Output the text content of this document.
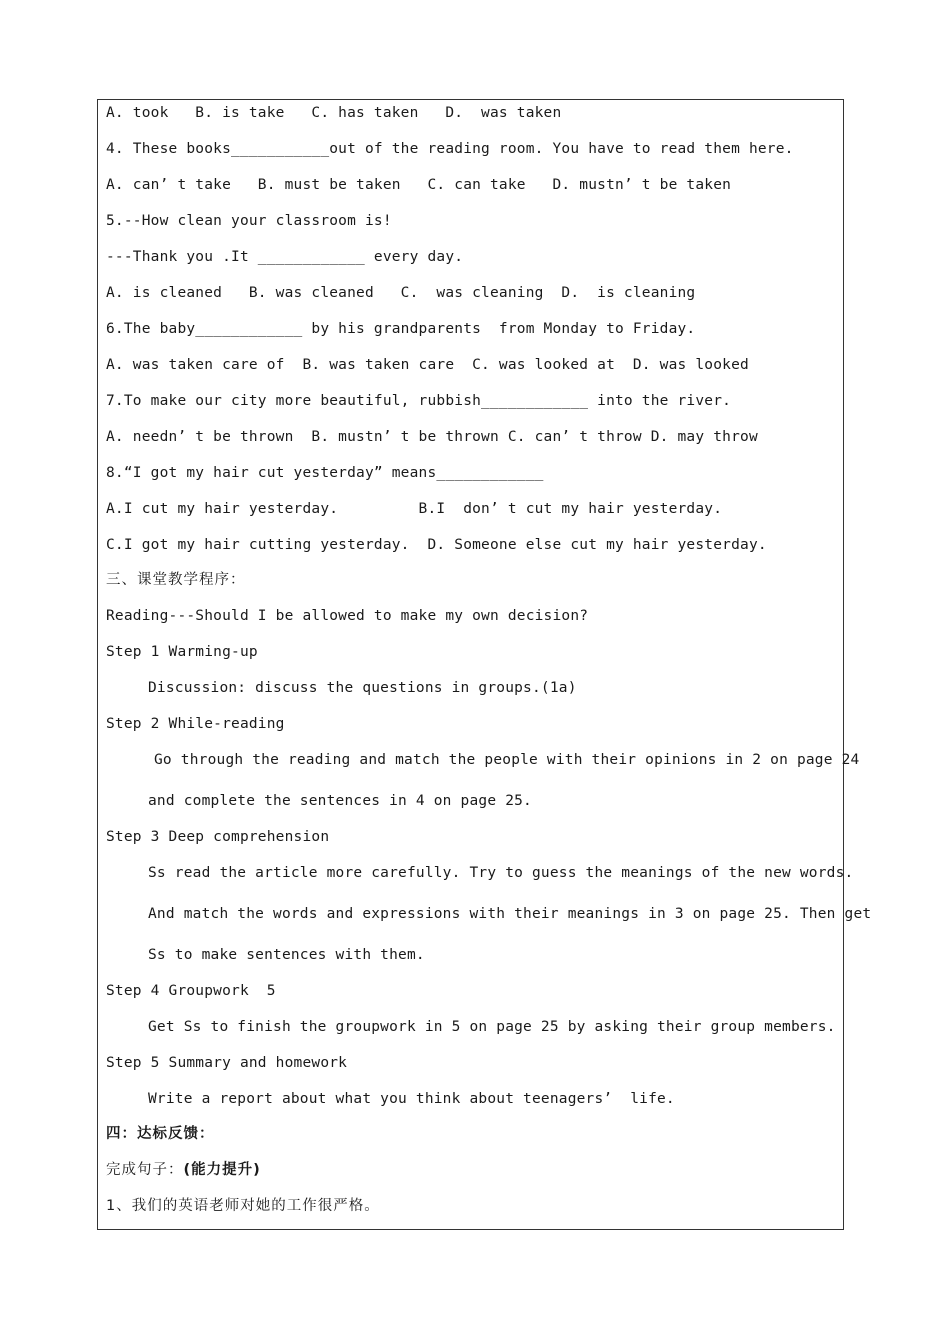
A. took   B. is take   C. has taken   D.  was taken
4. These books___________out of the reading room. You have to read them here.
A. can’ t take   B. must be taken   C. can take   D. mustn’ t be taken
5.--How clean your classroom is!
---Thank you .It ____________ every day.
A. is cleaned   B. was cleaned   C.  was cleaning  D.  is cleaning
6.The baby____________ by his grandparents  from Monday to Friday.
A. was taken care of  B. was taken care  C. was looked at  D. was looked
7.To make our city more beautiful, rubbish____________ into the river.
A. needn’ t be thrown  B. mustn’ t be thrown C. can’ t throw D. may throw
8.“I got my hair cut yesterday” means____________
A.I cut my hair yesterday.         B.I  don’ t cut my hair yesterday.
C.I got my hair cutting yesterday.  D. Someone else cut my hair yesterday.
三、课堂教学程序：
Reading---Should I be allowed to make my own decision?
Step 1 Warming-up
Discussion: discuss the questions in groups.(1a)
Step 2 While-reading
Go through the reading and match the people with their opinions in 2 on page 24
and complete the sentences in 4 on page 25.
Step 3 Deep comprehension
Ss read the article more carefully. Try to guess the meanings of the new words.
And match the words and expressions with their meanings in 3 on page 25. Then get
Ss to make sentences with them.
Step 4 Groupwork  5
Get Ss to finish the groupwork in 5 on page 25 by asking their group members.
Step 5 Summary and homework
Write a report about what you think about teenagers’  life.
四：达标反馈：
完成句子：(能力提升)
1、我们的英语老师对她的工作很严格。
